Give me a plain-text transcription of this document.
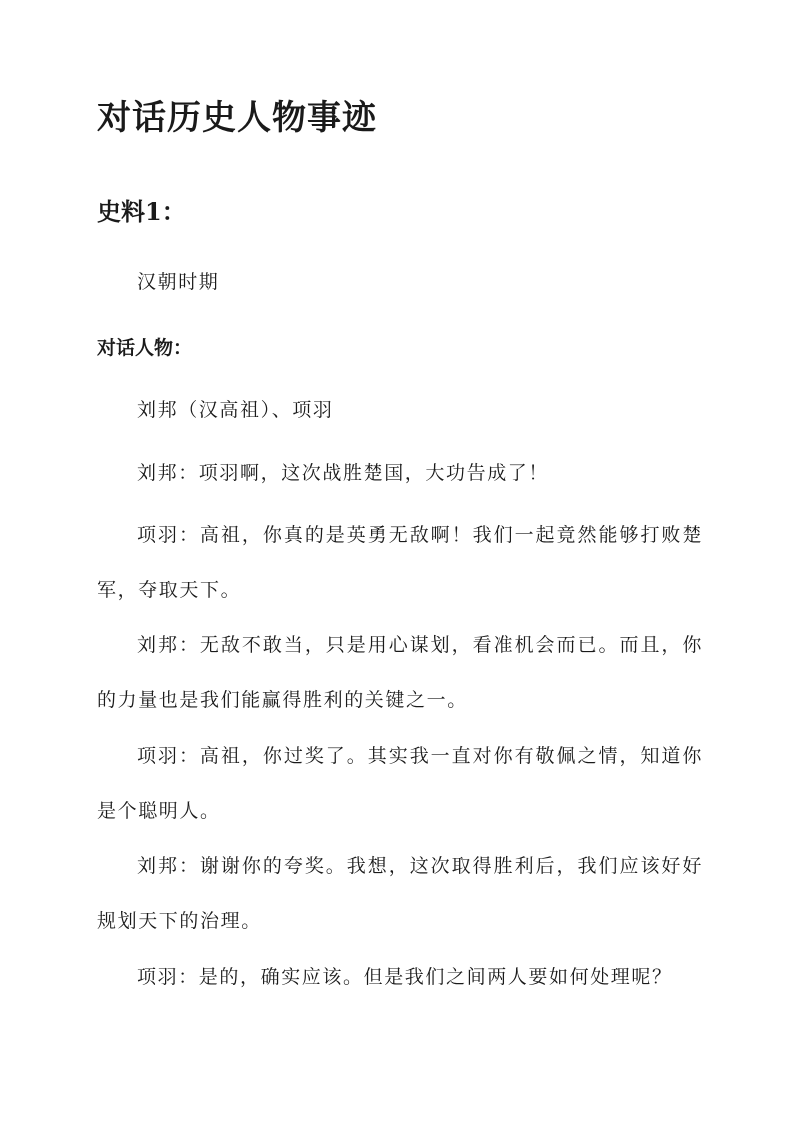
对话历史人物事迹
史料1：

汉朝时期

对话人物：

刘邦（汉高祖）、项羽

刘邦：项羽啊，这次战胜楚国，大功告成了！

项羽：高祖，你真的是英勇无敌啊！我们一起竟然能够打败楚军，夺取天下。

刘邦：无敌不敢当，只是用心谋划，看准机会而已。而且，你的力量也是我们能赢得胜利的关键之一。

项羽：高祖，你过奖了。其实我一直对你有敬佩之情，知道你是个聪明人。

刘邦：谢谢你的夸奖。我想，这次取得胜利后，我们应该好好规划天下的治理。

项羽：是的，确实应该。但是我们之间两人要如何处理呢？
